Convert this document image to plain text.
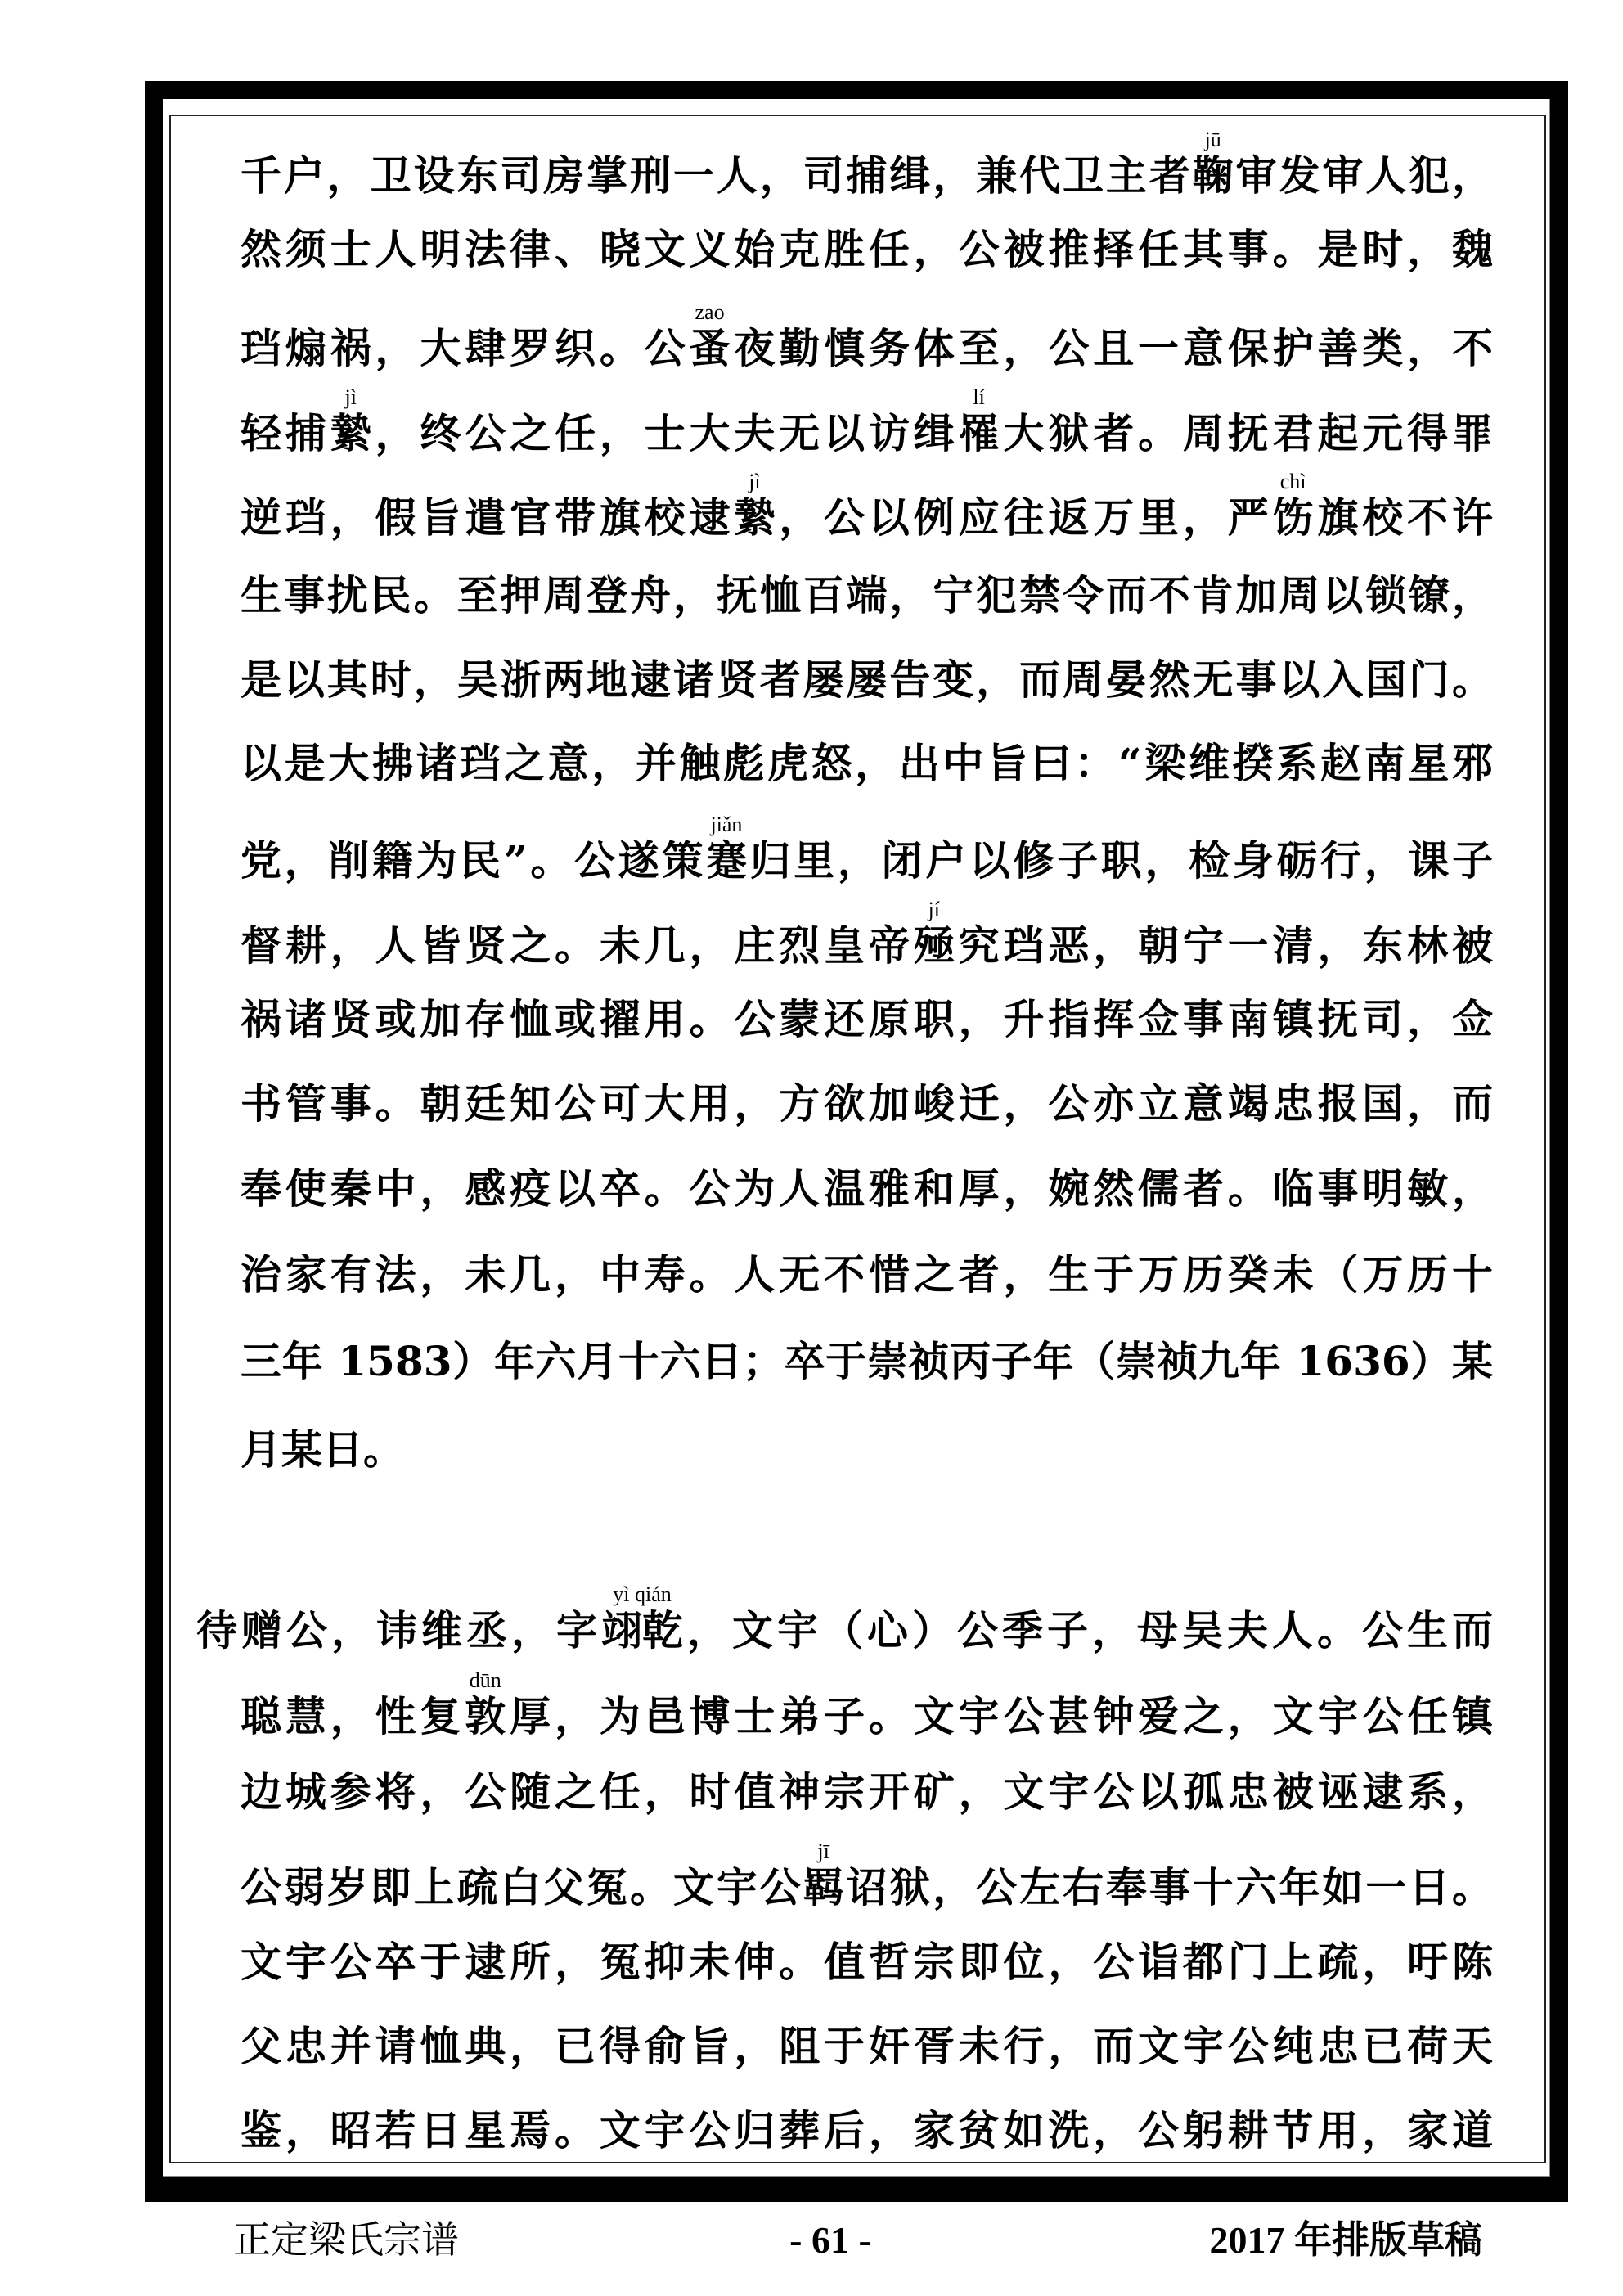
千户，卫设东司房掌刑一人，司捕缉，兼代卫主者鞠
jū
审发审人犯，
然须士人明法律、晓文义始克胜任，公被推择任其事。是时，魏
珰煽祸，大肆罗织。公蚤
zao
夜勤慎务体至，公且一意保护善类，不
轻捕縶
jì
，终公之任，士大夫无以访缉罹
lí
大狱者。周抚君起元得罪
逆珰，假旨遣官带旗校逮縶
jì
，公以例应往返万里，严饬
chì
旗校不许
生事扰民。至押周登舟，抚恤百端，宁犯禁令而不肯加周以锁镣，
是以其时，吴浙两地逮诸贤者屡屡告变，而周晏然无事以入国门。
以是大拂诸珰之意，并触彪虎怒，出中旨曰：“梁维揆系赵南星邪
党，削籍为民”。公遂策蹇
jiǎn
归里，闭户以修子职，检身砺行，课子
督耕，人皆贤之。未几，庄烈皇帝殛
jí
究珰恶，朝宁一清，东林被
祸诸贤或加存恤或擢用。公蒙还原职，升指挥佥事南镇抚司，佥
书管事。朝廷知公可大用，方欲加峻迁，公亦立意竭忠报国，而
奉使秦中，感疫以卒。公为人温雅和厚，婉然儒者。临事明敏，
治家有法，未几，中寿。人无不惜之者，生于万历癸未（万历十
三年 1583）年六月十六日；卒于崇祯丙子年（崇祯九年 1636）某
月某日。
待赠公，讳维丞，字翊乾
yì qián
，文宇（心）公季子，母吴夫人。公生而
聪慧，性复敦
dūn
厚，为邑博士弟子。文宇公甚钟爱之，文宇公任镇
边城参将，公随之任，时值神宗开矿，文宇公以孤忠被诬逮系，
公弱岁即上疏白父冤。文宇公羁
jī
诏狱，公左右奉事十六年如一日。
文宇公卒于逮所，冤抑未伸。值哲宗即位，公诣都门上疏，吁陈
父忠并请恤典，已得俞旨，阻于奸胥未行，而文宇公纯忠已荷天
鉴，昭若日星焉。文宇公归葬后，家贫如洗，公躬耕节用，家道
正定梁氏宗谱	- 61 -	2017 年排版草稿
